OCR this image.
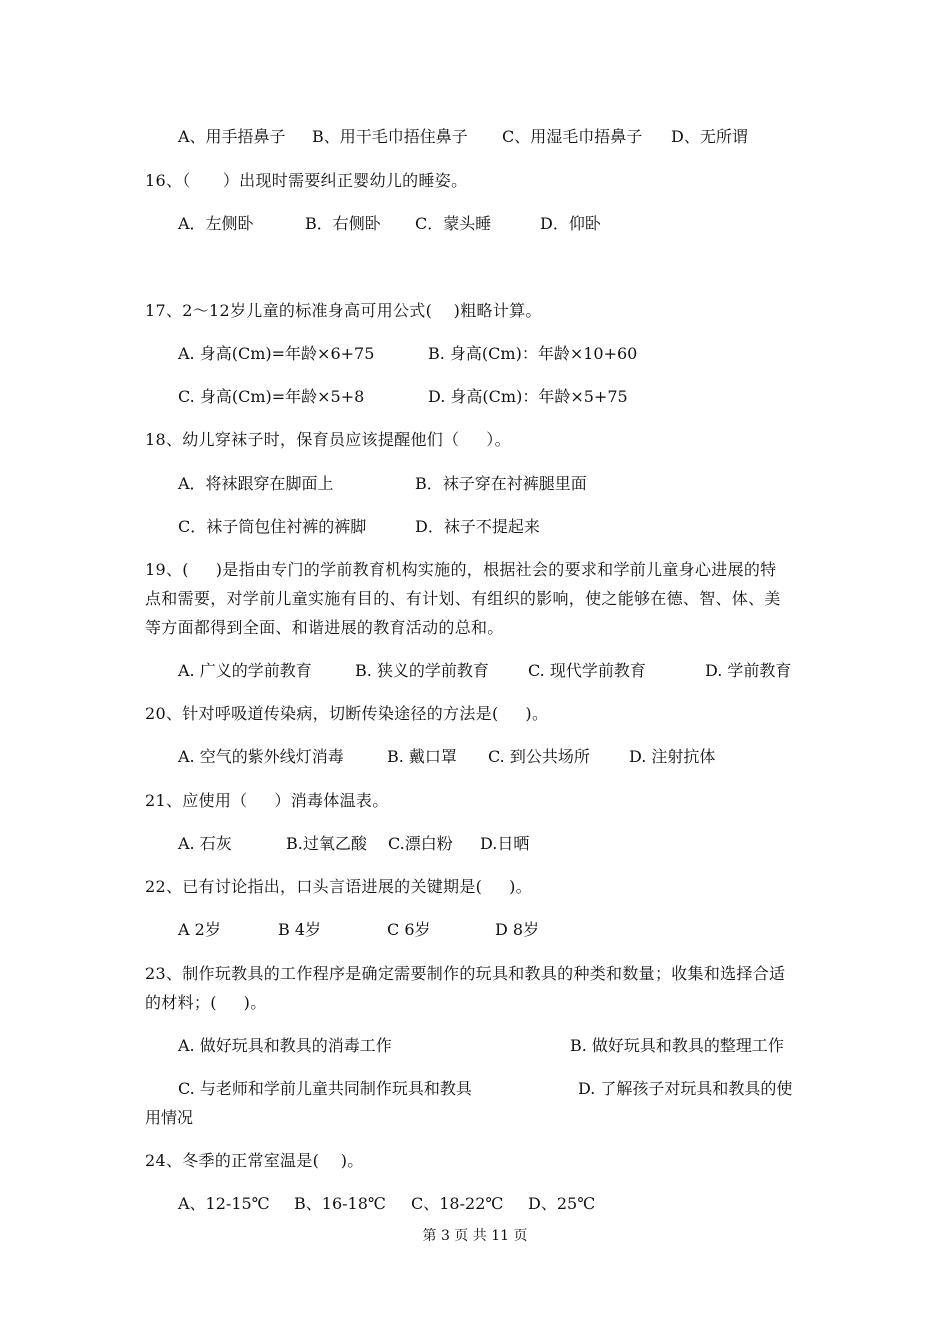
A、用手捂鼻子 B、用干毛巾捂住鼻子 C、用湿毛巾捂鼻子 D、无所谓
16、（      ）出现时需要纠正婴幼儿的睡姿。
A．左侧卧	B．右侧卧 C．蒙头睡	D．仰卧
17、2～12岁儿童的标准身高可用公式(    )粗略计算。
A. 身高(Cm)=年龄×6+75	B. 身高(Cm)：年龄×10+60
C. 身高(Cm)=年龄×5+8	D. 身高(Cm)：年龄×5+75
18、幼儿穿袜子时，保育员应该提醒他们（     ）。
A．将袜跟穿在脚面上	B．袜子穿在衬裤腿里面
C．袜子筒包住衬裤的裤脚	D．袜子不提起来
19、(     )是指由专门的学前教育机构实施的，根据社会的要求和学前儿童身心进展的特
点和需要，对学前儿童实施有目的、有计划、有组织的影响，使之能够在德、智、体、美
等方面都得到全面、和谐进展的教育活动的总和。
A. 广义的学前教育	B. 狭义的学前教育 C. 现代学前教育	D. 学前教育
20、针对呼吸道传染病，切断传染途径的方法是(     )。
A. 空气的紫外线灯消毒	B. 戴口罩 C. 到公共场所 D. 注射抗体
21、应使用（     ）消毒体温表。
A. 石灰	B.过氧乙酸 C.漂白粉 D.日晒
22、已有讨论指出，口头言语进展的关键期是(     )。
A 2岁	B 4岁	C 6岁	D 8岁
23、制作玩教具的工作程序是确定需要制作的玩具和教具的种类和数量；收集和选择合适
的材料；(     )。
A. 做好玩具和教具的消毒工作	B. 做好玩具和教具的整理工作
C. 与老师和学前儿童共同制作玩具和教具	D. 了解孩子对玩具和教具的使
用情况
24、冬季的正常室温是(    )。
A、12-15℃ B、16-18℃ C、18-22℃ D、25℃
第 3 页 共 11 页
